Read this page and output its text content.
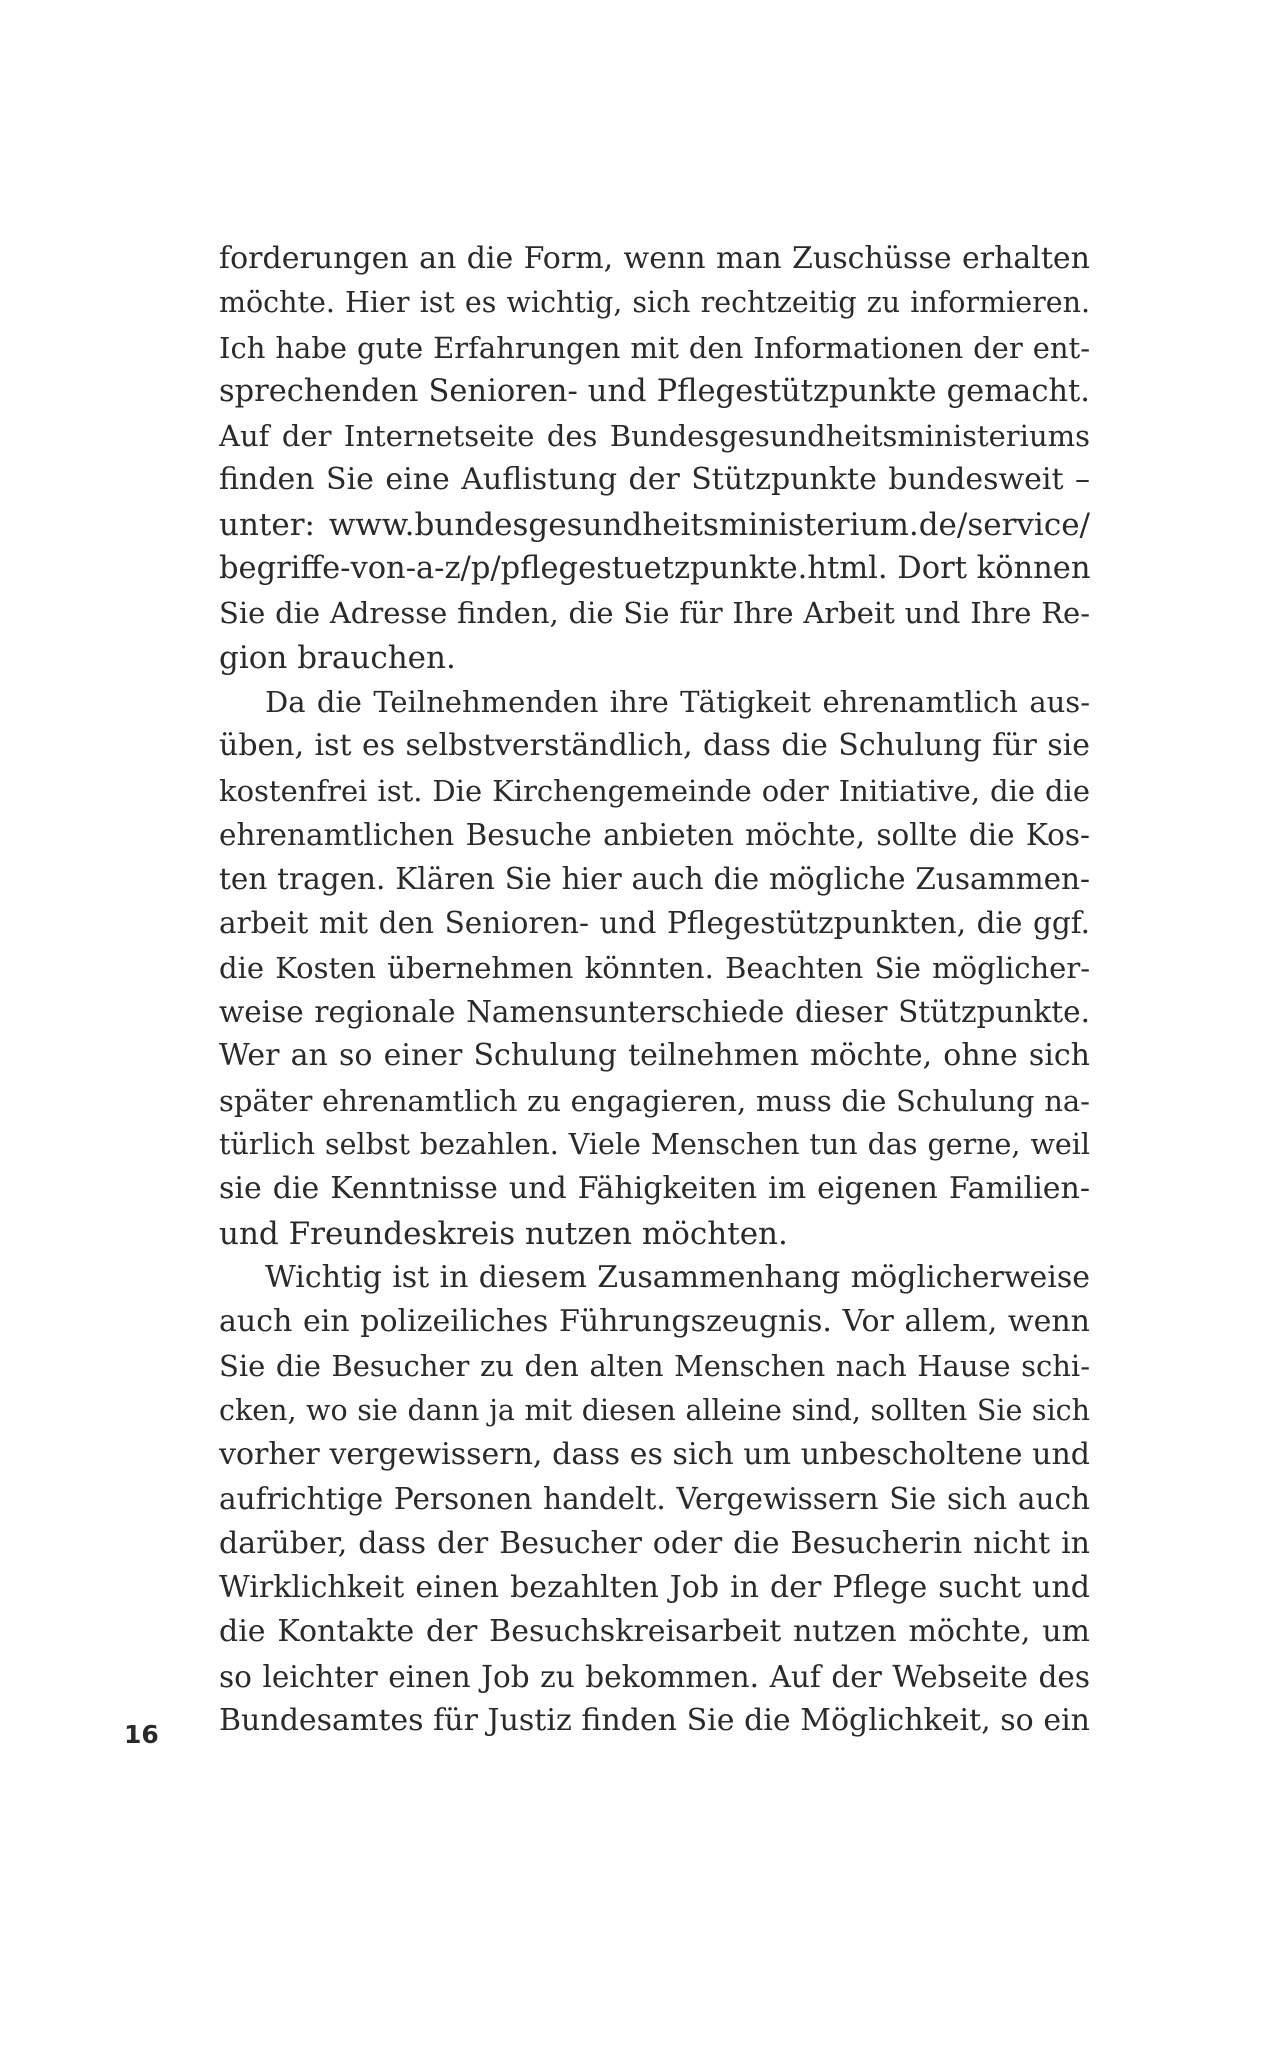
forderungen an die Form, wenn man Zuschüsse erhalten
möchte. Hier ist es wichtig, sich rechtzeitig zu informieren.
Ich habe gute Erfahrungen mit den Informationen der ent-
sprechenden Senioren- und Pflegestützpunkte gemacht.
Auf der Internetseite des Bundesgesundheitsministeriums
finden Sie eine Auflistung der Stützpunkte bundesweit –
unter: www.bundesgesundheitsministerium.de/service/
begriffe-von-a-z/p/pflegestuetzpunkte.html. Dort können
Sie die Adresse finden, die Sie für Ihre Arbeit und Ihre Re-
gion brauchen.
Da die Teilnehmenden ihre Tätigkeit ehrenamtlich aus-
üben, ist es selbstverständlich, dass die Schulung für sie
kostenfrei ist. Die Kirchengemeinde oder Initiative, die die
ehrenamtlichen Besuche anbieten möchte, sollte die Kos-
ten tragen. Klären Sie hier auch die mögliche Zusammen-
arbeit mit den Senioren- und Pflegestützpunkten, die ggf.
die Kosten übernehmen könnten. Beachten Sie möglicher-
weise regionale Namensunterschiede dieser Stützpunkte.
Wer an so einer Schulung teilnehmen möchte, ohne sich
später ehrenamtlich zu engagieren, muss die Schulung na-
türlich selbst bezahlen. Viele Menschen tun das gerne, weil
sie die Kenntnisse und Fähigkeiten im eigenen Familien-
und Freundeskreis nutzen möchten.
Wichtig ist in diesem Zusammenhang möglicherweise
auch ein polizeiliches Führungszeugnis. Vor allem, wenn
Sie die Besucher zu den alten Menschen nach Hause schi-
cken, wo sie dann ja mit diesen alleine sind, sollten Sie sich
vorher vergewissern, dass es sich um unbescholtene und
aufrichtige Personen handelt. Vergewissern Sie sich auch
darüber, dass der Besucher oder die Besucherin nicht in
Wirklichkeit einen bezahlten Job in der Pflege sucht und
die Kontakte der Besuchskreisarbeit nutzen möchte, um
so leichter einen Job zu bekommen. Auf der Webseite des
Bundesamtes für Justiz finden Sie die Möglichkeit, so ein
16
